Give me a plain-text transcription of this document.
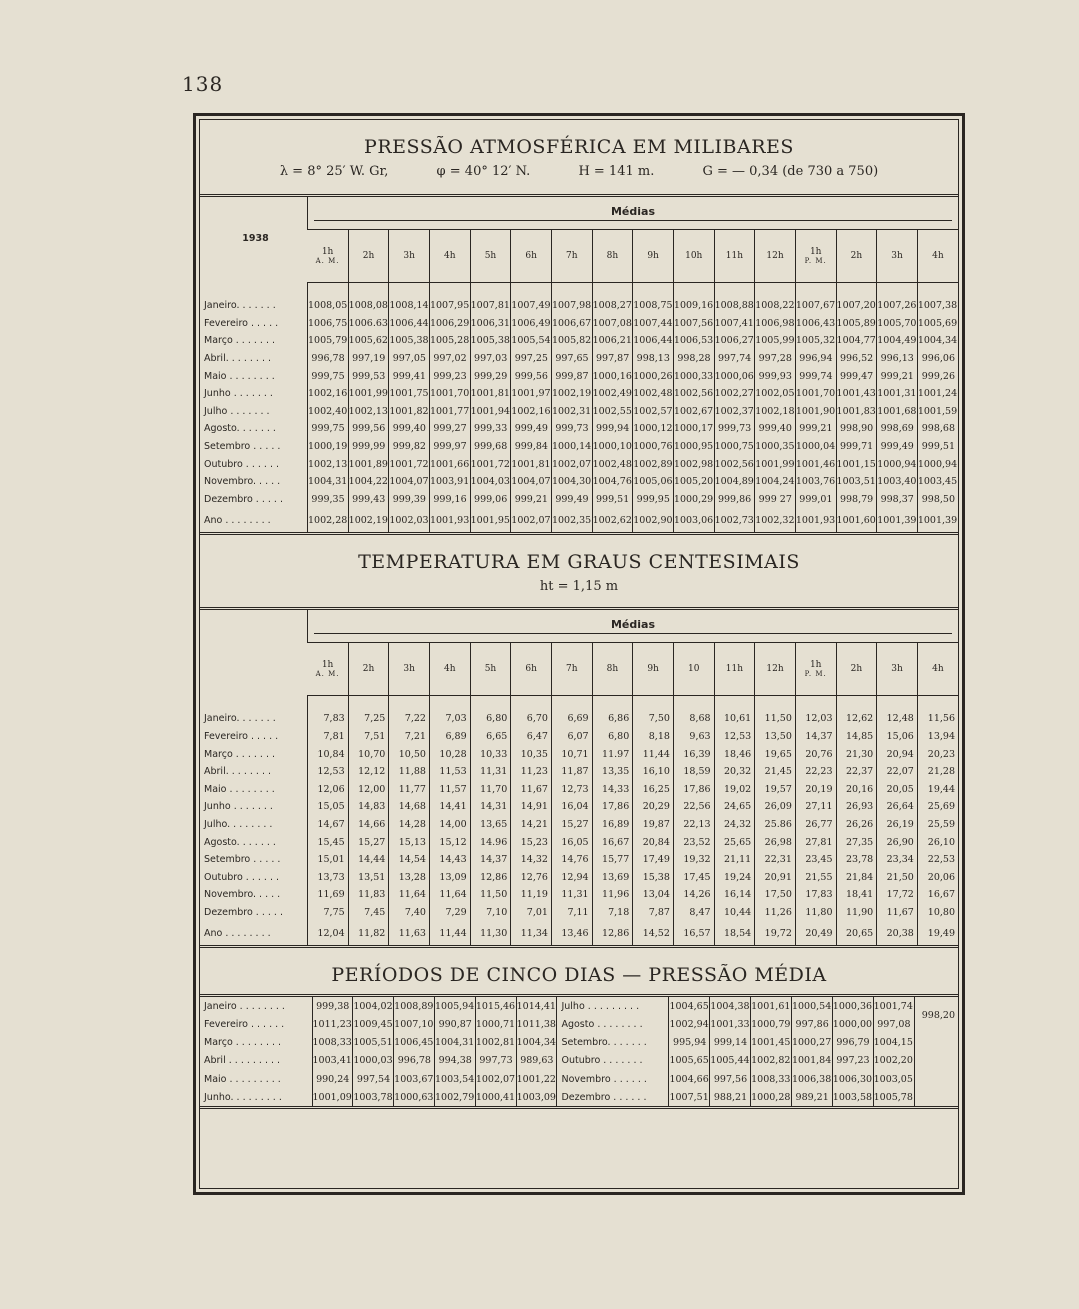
138
PRESSÃO ATMOSFÉRICA EM MILIBARES
λ = 8° 25′ W. Gr,	φ = 40° 12′ N.	H = 141 m.	G = — 0,34 (de 730 a 750)
1938	Médias															

	1h
A. M.	2h	3h	4h	5h	6h	7h	8h	9h	10h	11h	12h	1h
P. M.	2h	3h	4h

Janeiro. . . . . . .	1008,05	1008,08	1008,14	1007,95	1007,81	1007,49	1007,98	1008,27	1008,75	1009,16	1008,88	1008,22	1007,67	1007,20	1007,26	1007,38
Fevereiro . . . . .	1006,75	1006.63	1006,44	1006,29	1006,31	1006,49	1006,67	1007,08	1007,44	1007,56	1007,41	1006,98	1006,43	1005,89	1005,70	1005,69
Março . . . . . . .	1005,79	1005,62	1005,38	1005,28	1005,38	1005,54	1005,82	1006,21	1006,44	1006,53	1006,27	1005,99	1005,32	1004,77	1004,49	1004,34
Abril. . . . . . . .	996,78	997,19	997,05	997,02	997,03	997,25	997,65	997,87	998,13	998,28	997,74	997,28	996,94	996,52	996,13	996,06
Maio . . . . . . . .	999,75	999,53	999,41	999,23	999,29	999,56	999,87	1000,16	1000,26	1000,33	1000,06	999,93	999,74	999,47	999,21	999,26
Junho . . . . . . .	1002,16	1001,99	1001,75	1001,70	1001,81	1001,97	1002,19	1002,49	1002,48	1002,56	1002,27	1002,05	1001,70	1001,43	1001,31	1001,24
Julho . . . . . . .	1002,40	1002,13	1001,82	1001,77	1001,94	1002,16	1002,31	1002,55	1002,57	1002,67	1002,37	1002,18	1001,90	1001,83	1001,68	1001,59
Agosto. . . . . . .	999,75	999,56	999,40	999,27	999,33	999,49	999,73	999,94	1000,12	1000,17	999,73	999,40	999,21	998,90	998,69	998,68
Setembro . . . . .	1000,19	999,99	999,82	999,97	999,68	999,84	1000,14	1000,10	1000,76	1000,95	1000,75	1000,35	1000,04	999,71	999,49	999,51
Outubro . . . . . .	1002,13	1001,89	1001,72	1001,66	1001,72	1001,81	1002,07	1002,48	1002,89	1002,98	1002,56	1001,99	1001,46	1001,15	1000,94	1000,94
Novembro. . . . .	1004,31	1004,22	1004,07	1003,91	1004,03	1004,07	1004,30	1004,76	1005,06	1005,20	1004,89	1004,24	1003,76	1003,51	1003,40	1003,45
Dezembro . . . . .	999,35	999,43	999,39	999,16	999,06	999,21	999,49	999,51	999,95	1000,29	999,86	999 27	999,01	998,79	998,37	998,50
Ano . . . . . . . .	1002,28	1002,19	1002,03	1001,93	1001,95	1002,07	1002,35	1002,62	1002,90	1003,06	1002,73	1002,32	1001,93	1001,60	1001,39	1001,39
TEMPERATURA EM GRAUS CENTESIMAIS
ht = 1,15 m
	Médias															

	1h
A. M.	2h	3h	4h	5h	6h	7h	8h	9h	10	11h	12h	1h
P. M.	2h	3h	4h

Janeiro. . . . . . .	7,83	7,25	7,22	7,03	6,80	6,70	6,69	6,86	7,50	8,68	10,61	11,50	12,03	12,62	12,48	11,56
Fevereiro . . . . .	7,81	7,51	7,21	6,89	6,65	6,47	6,07	6,80	8,18	9,63	12,53	13,50	14,37	14,85	15,06	13,94
Março . . . . . . .	10,84	10,70	10,50	10,28	10,33	10,35	10,71	11.97	11,44	16,39	18,46	19,65	20,76	21,30	20,94	20,23
Abril. . . . . . . .	12,53	12,12	11,88	11,53	11,31	11,23	11,87	13,35	16,10	18,59	20,32	21,45	22,23	22,37	22,07	21,28
Maio . . . . . . . .	12,06	12,00	11,77	11,57	11,70	11,67	12,73	14,33	16,25	17,86	19,02	19,57	20,19	20,16	20,05	19,44
Junho . . . . . . .	15,05	14,83	14,68	14,41	14,31	14,91	16,04	17,86	20,29	22,56	24,65	26,09	27,11	26,93	26,64	25,69
Julho. . . . . . . .	14,67	14,66	14,28	14,00	13,65	14,21	15,27	16,89	19,87	22,13	24,32	25.86	26,77	26,26	26,19	25,59
Agosto. . . . . . .	15,45	15,27	15,13	15,12	14.96	15,23	16,05	16,67	20,84	23,52	25,65	26,98	27,81	27,35	26,90	26,10
Setembro . . . . .	15,01	14,44	14,54	14,43	14,37	14,32	14,76	15,77	17,49	19,32	21,11	22,31	23,45	23,78	23,34	22,53
Outubro . . . . . .	13,73	13,51	13,28	13,09	12,86	12,76	12,94	13,69	15,38	17,45	19,24	20,91	21,55	21,84	21,50	20,06
Novembro. . . . .	11,69	11,83	11,64	11,64	11,50	11,19	11,31	11,96	13,04	14,26	16,14	17,50	17,83	18,41	17,72	16,67
Dezembro . . . . .	7,75	7,45	7,40	7,29	7,10	7,01	7,11	7,18	7,87	8,47	10,44	11,26	11,80	11,90	11,67	10,80
Ano . . . . . . . .	12,04	11,82	11,63	11,44	11,30	11,34	13,46	12,86	14,52	16,57	18,54	19,72	20,49	20,65	20,38	19,49
PERÍODOS DE CINCO DIAS — PRESSÃO MÉDIA
Janeiro . . . . . . . .	999,38	1004,02	1008,89	1005,94	1015,46	1014,41	Julho . . . . . . . . .	1004,65	1004,38	1001,61	1000,54	1000,36	1001,74	998,20
Fevereiro . . . . . .	1011,23	1009,45	1007,10	990,87	1000,71	1011,38	Agosto . . . . . . . .	1002,94	1001,33	1000,79	997,86	1000,00	997,08	
Março . . . . . . . .	1008,33	1005,51	1006,45	1004,31	1002,81	1004,34	Setembro. . . . . . .	995,94	999,14	1001,45	1000,27	996,79	1004,15	
Abril . . . . . . . . .	1003,41	1000,03	996,78	994,38	997,73	989,63	Outubro . . . . . . .	1005,65	1005,44	1002,82	1001,84	997,23	1002,20	
Maio . . . . . . . . .	990,24	997,54	1003,67	1003,54	1002,07	1001,22	Novembro . . . . . .	1004,66	997,56	1008,33	1006,38	1006,30	1003,05	
Junho. . . . . . . . .	1001,09	1003,78	1000,63	1002,79	1000,41	1003,09	Dezembro . . . . . .	1007,51	988,21	1000,28	989,21	1003,58	1005,78	
